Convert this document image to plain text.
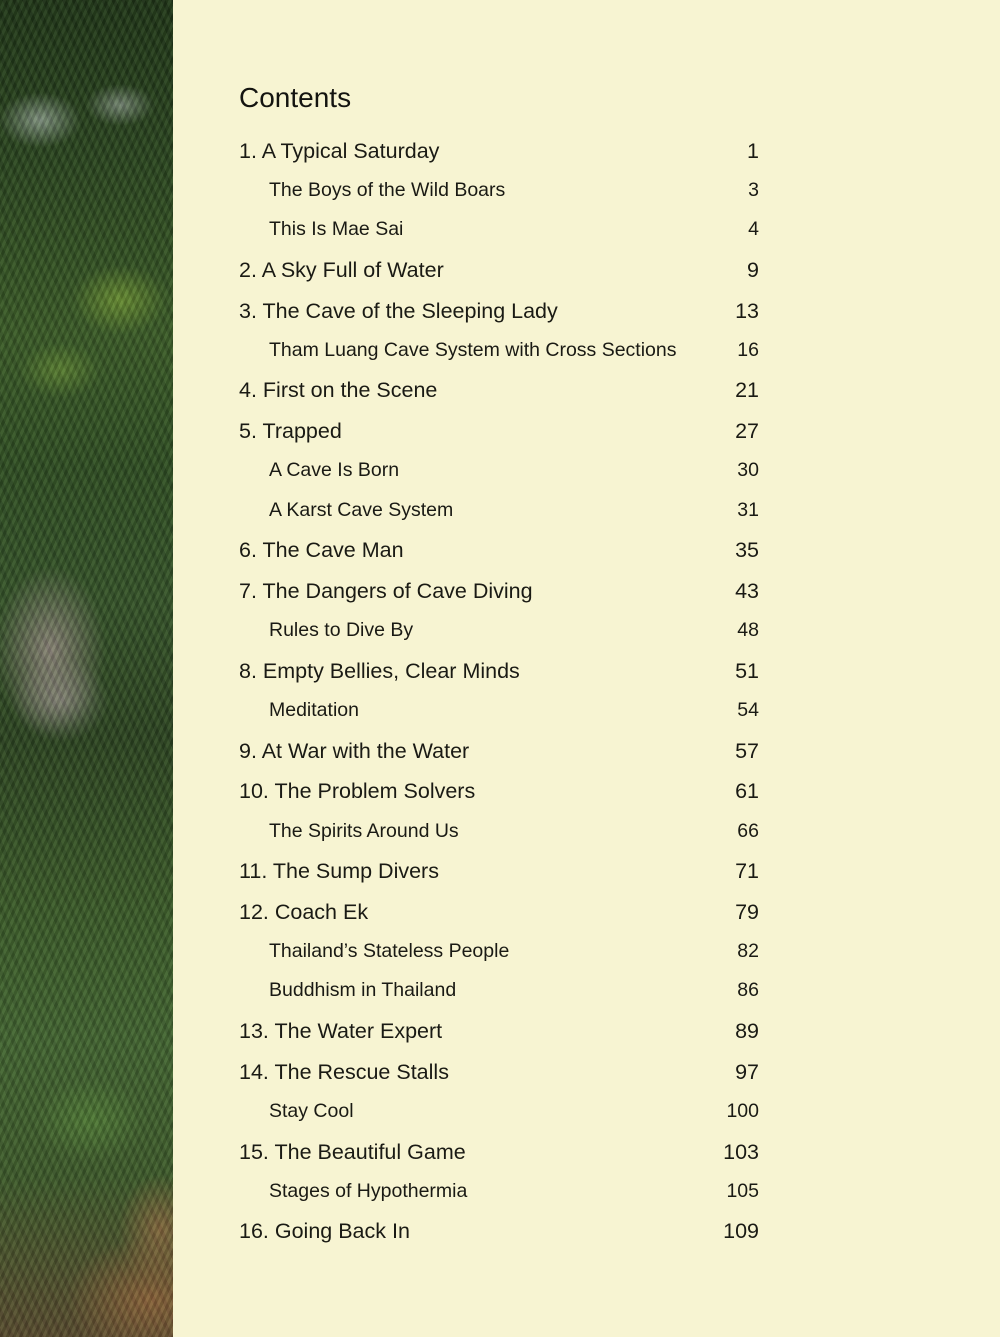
Contents
1. A Typical Saturday	1
The Boys of the Wild Boars	3
This Is Mae Sai	4
2. A Sky Full of Water	9
3. The Cave of the Sleeping Lady	13
Tham Luang Cave System with Cross Sections	16
4. First on the Scene	21
5. Trapped	27
A Cave Is Born	30
A Karst Cave System	31
6. The Cave Man	35
7. The Dangers of Cave Diving	43
Rules to Dive By	48
8. Empty Bellies, Clear Minds	51
Meditation	54
9. At War with the Water	57
10. The Problem Solvers	61
The Spirits Around Us	66
11. The Sump Divers	71
12. Coach Ek	79
Thailand’s Stateless People	82
Buddhism in Thailand	86
13. The Water Expert	89
14. The Rescue Stalls	97
Stay Cool	100
15. The Beautiful Game	103
Stages of Hypothermia	105
16. Going Back In	109
